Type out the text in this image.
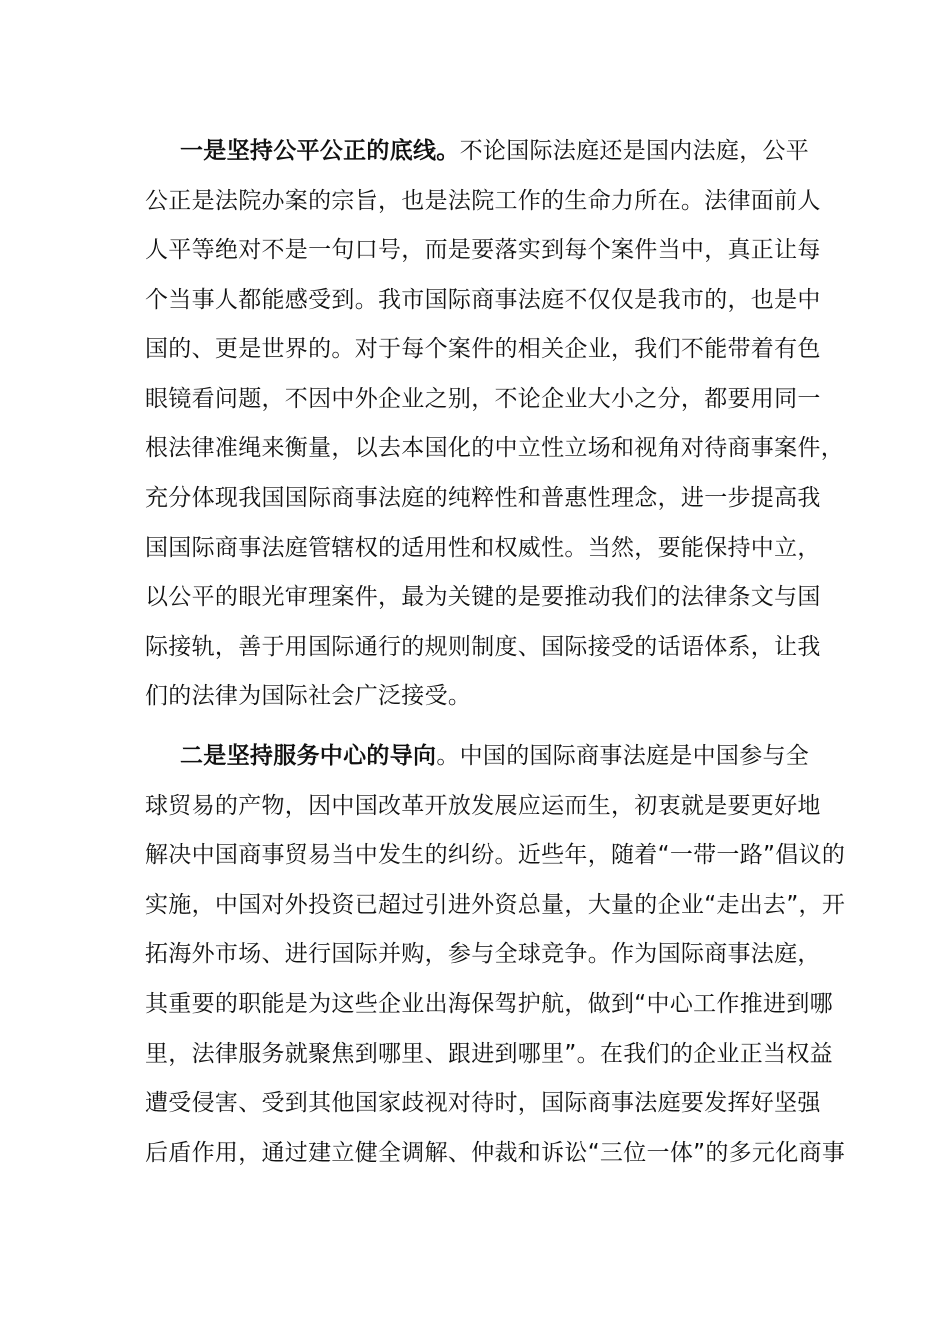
一是坚持公平公正的底线。不论国际法庭还是国内法庭，公平
公正是法院办案的宗旨，也是法院工作的生命力所在。法律面前人
人平等绝对不是一句口号，而是要落实到每个案件当中，真正让每
个当事人都能感受到。我市国际商事法庭不仅仅是我市的，也是中
国的、更是世界的。对于每个案件的相关企业，我们不能带着有色
眼镜看问题，不因中外企业之别，不论企业大小之分，都要用同一
根法律准绳来衡量，以去本国化的中立性立场和视角对待商事案件，
充分体现我国国际商事法庭的纯粹性和普惠性理念，进一步提高我
国国际商事法庭管辖权的适用性和权威性。当然，要能保持中立，
以公平的眼光审理案件，最为关键的是要推动我们的法律条文与国
际接轨，善于用国际通行的规则制度、国际接受的话语体系，让我
们的法律为国际社会广泛接受。
二是坚持服务中心的导向。中国的国际商事法庭是中国参与全
球贸易的产物，因中国改革开放发展应运而生，初衷就是要更好地
解决中国商事贸易当中发生的纠纷。近些年，随着“一带一路”倡议的
实施，中国对外投资已超过引进外资总量，大量的企业“走出去”，开
拓海外市场、进行国际并购，参与全球竞争。作为国际商事法庭，
其重要的职能是为这些企业出海保驾护航，做到“中心工作推进到哪
里，法律服务就聚焦到哪里、跟进到哪里”。在我们的企业正当权益
遭受侵害、受到其他国家歧视对待时，国际商事法庭要发挥好坚强
后盾作用，通过建立健全调解、仲裁和诉讼“三位一体”的多元化商事
